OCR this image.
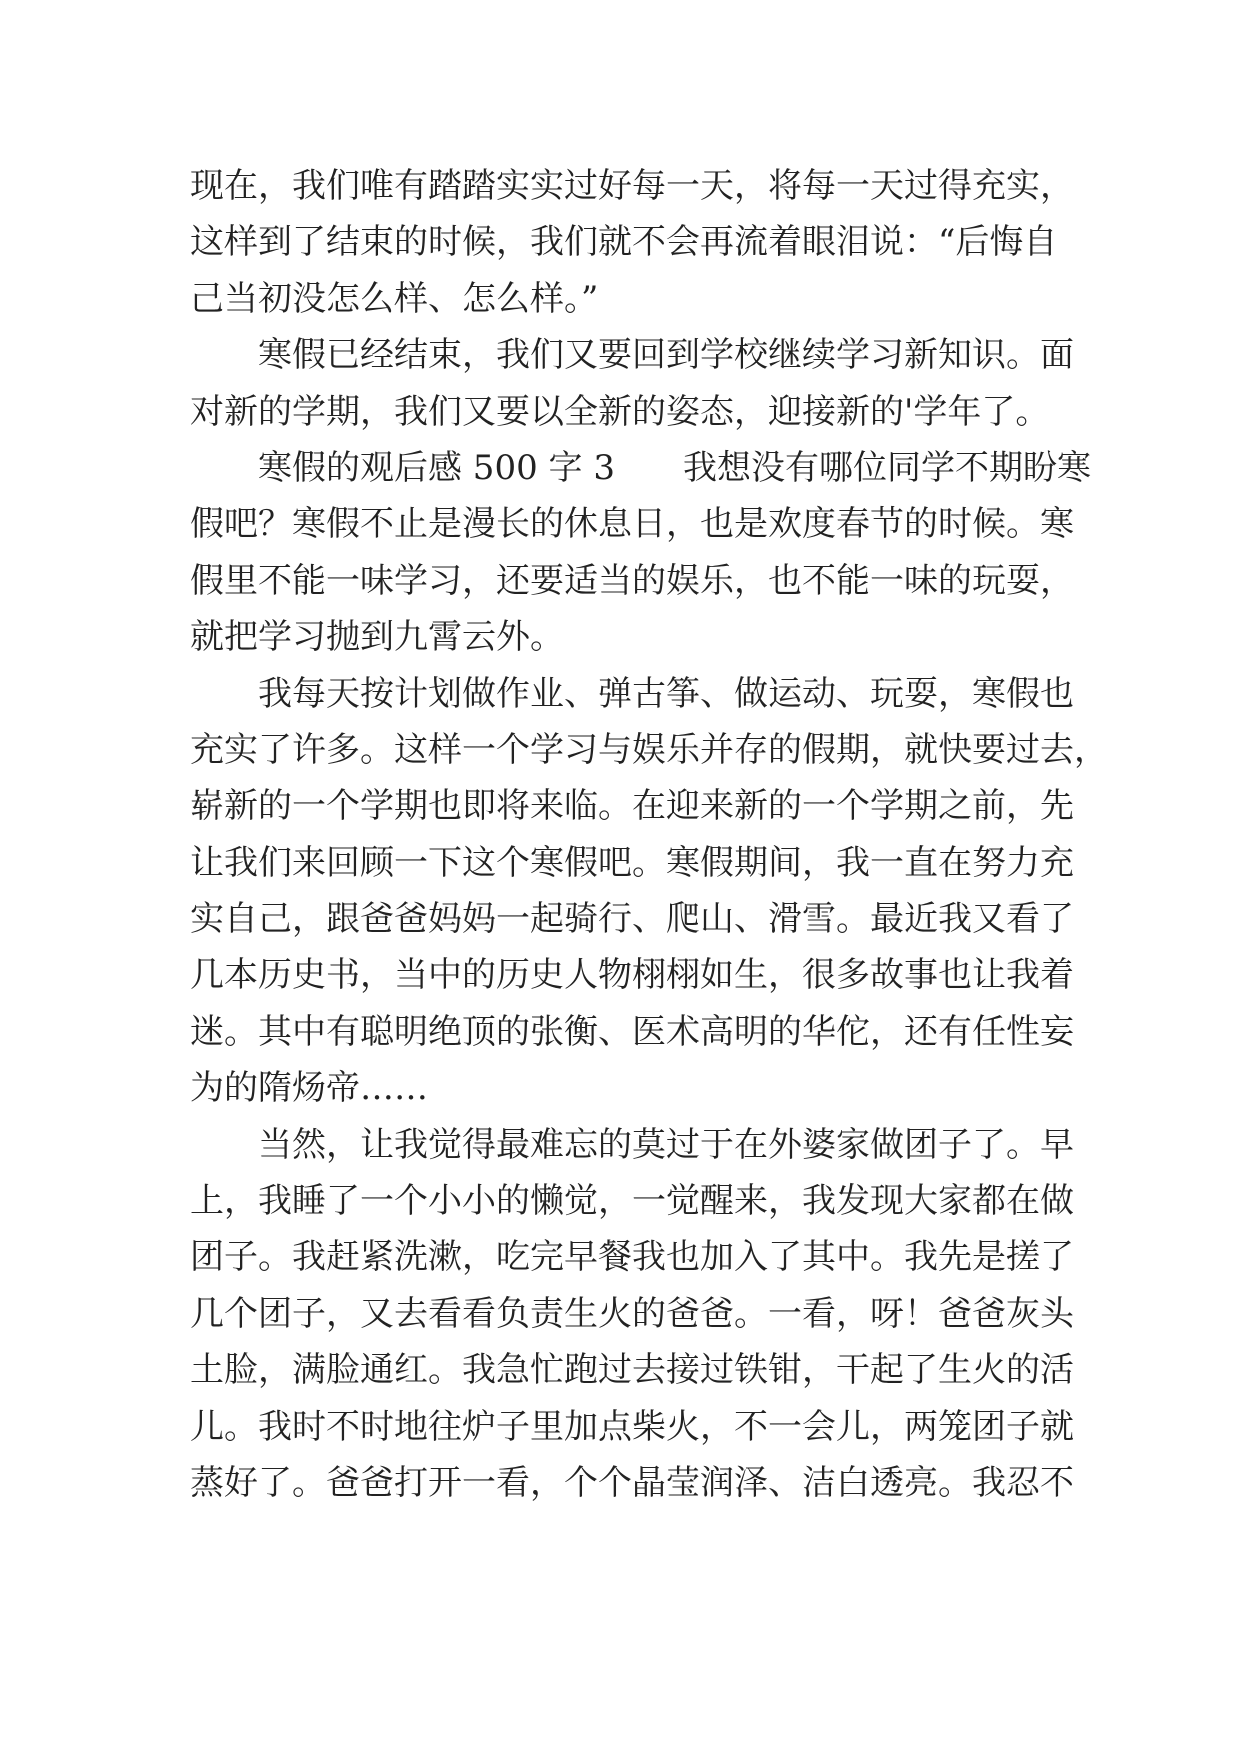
现在，我们唯有踏踏实实过好每一天，将每一天过得充实，
这样到了结束的时候，我们就不会再流着眼泪说：“后悔自
己当初没怎么样、怎么样。”
　　寒假已经结束，我们又要回到学校继续学习新知识。面
对新的学期，我们又要以全新的姿态，迎接新的'学年了。
　　寒假的观后感 500 字 3　　我想没有哪位同学不期盼寒
假吧？寒假不止是漫长的休息日，也是欢度春节的时候。寒
假里不能一味学习，还要适当的娱乐，也不能一味的玩耍，
就把学习抛到九霄云外。
　　我每天按计划做作业、弹古筝、做运动、玩耍，寒假也
充实了许多。这样一个学习与娱乐并存的假期，就快要过去，
崭新的一个学期也即将来临。在迎来新的一个学期之前，先
让我们来回顾一下这个寒假吧。寒假期间，我一直在努力充
实自己，跟爸爸妈妈一起骑行、爬山、滑雪。最近我又看了
几本历史书，当中的历史人物栩栩如生，很多故事也让我着
迷。其中有聪明绝顶的张衡、医术高明的华佗，还有任性妄
为的隋炀帝……
　　当然，让我觉得最难忘的莫过于在外婆家做团子了。早
上，我睡了一个小小的懒觉，一觉醒来，我发现大家都在做
团子。我赶紧洗漱，吃完早餐我也加入了其中。我先是搓了
几个团子，又去看看负责生火的爸爸。一看，呀！爸爸灰头
土脸，满脸通红。我急忙跑过去接过铁钳，干起了生火的活
儿。我时不时地往炉子里加点柴火，不一会儿，两笼团子就
蒸好了。爸爸打开一看，个个晶莹润泽、洁白透亮。我忍不
